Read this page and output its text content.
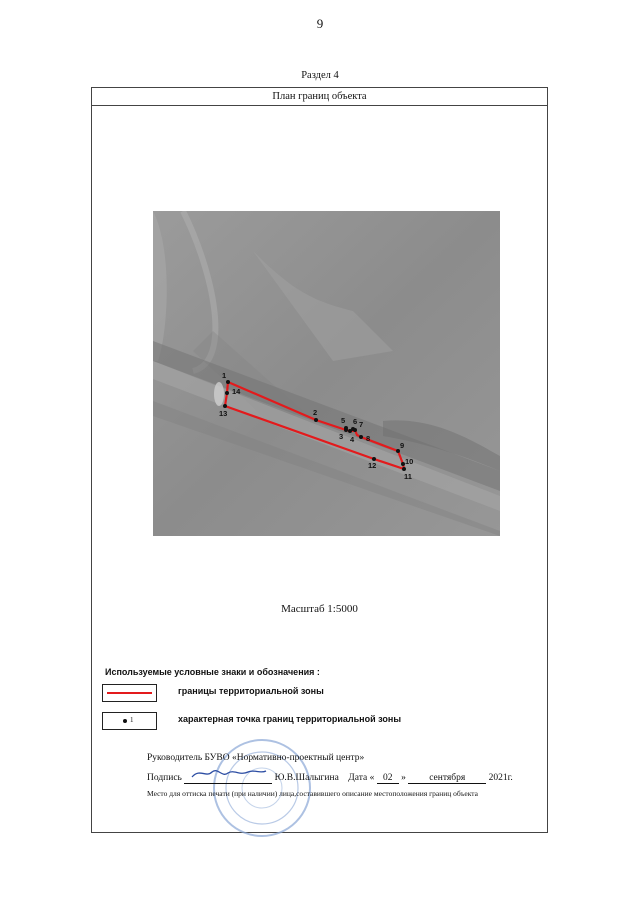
9
Раздел 4
План границ объекта
1
2
3 4
5 6 7
8
9
10
11
12
13
14
Масштаб 1:5000
Используемые условные знаки и обозначения :
границы территориальной зоны
1	характерная точка границ территориальной зоны
Руководитель БУВО «Нормативно-проектный центр»
Подпись	Ю.В.Шалыгина Дата « 02 » сентября 2021г.
Место для оттиска печати (при наличии) лица,составившего описание местоположения границ объекта
